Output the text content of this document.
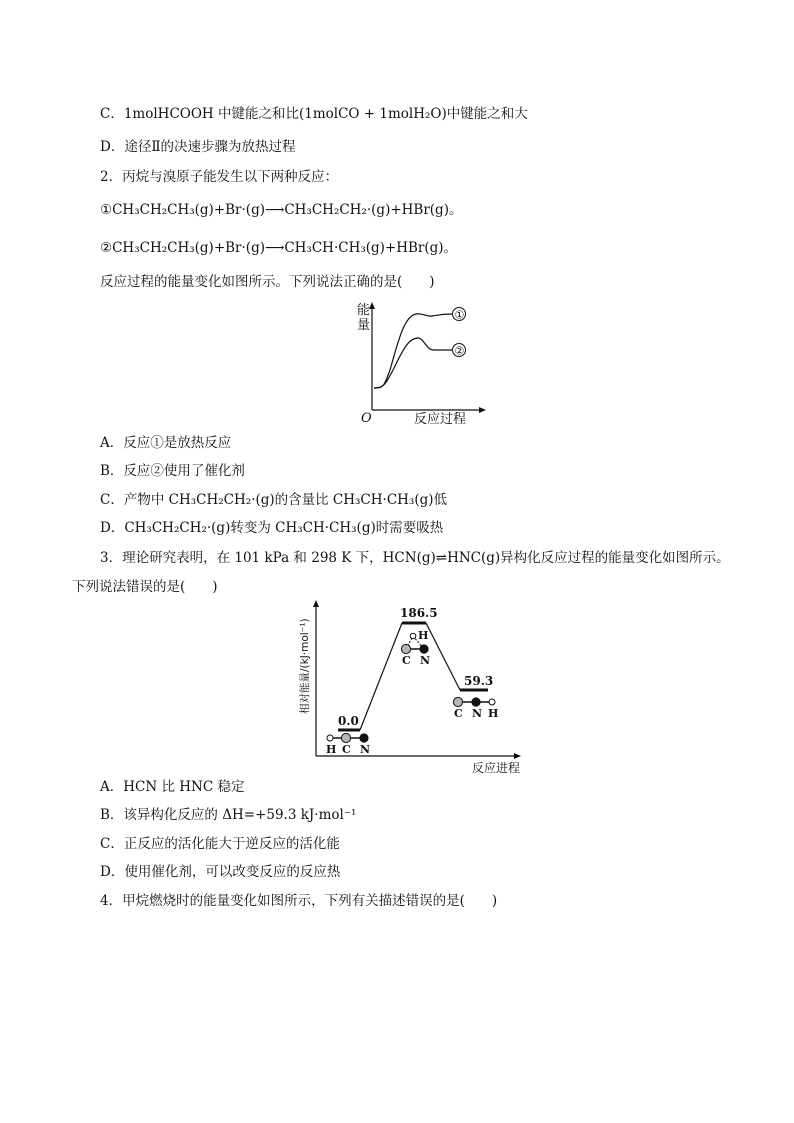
C．1molHCOOH 中键能之和比(1molCO + 1molH₂O)中键能之和大
D．途径Ⅱ的决速步骤为放热过程
2．丙烷与溴原子能发生以下两种反应：
①CH₃CH₂CH₃(g)+Br·(g)⟶CH₃CH₂CH₂·(g)+HBr(g)。
②CH₃CH₂CH₃(g)+Br·(g)⟶CH₃CH·CH₃(g)+HBr(g)。
反应过程的能量变化如图所示。下列说法正确的是(　　)
能
量
O	反应过程
①
②
A．反应①是放热反应
B．反应②使用了催化剂
C．产物中 CH₃CH₂CH₂·(g)的含量比 CH₃CH·CH₃(g)低
D．CH₃CH₂CH₂·(g)转变为 CH₃CH·CH₃(g)时需要吸热
3．理论研究表明，在 101 kPa 和 298 K 下，HCN(g)⇌HNC(g)异构化反应过程的能量变化如图所示。
下列说法错误的是(　　)
相对能量/(kJ·mol⁻¹)
反应进程
0.0
186.5
59.3
H C N
H
C N
C N H
A．HCN 比 HNC 稳定
B．该异构化反应的 ΔH=+59.3 kJ·mol⁻¹
C．正反应的活化能大于逆反应的活化能
D．使用催化剂，可以改变反应的反应热
4．甲烷燃烧时的能量变化如图所示，下列有关描述错误的是(　　)
